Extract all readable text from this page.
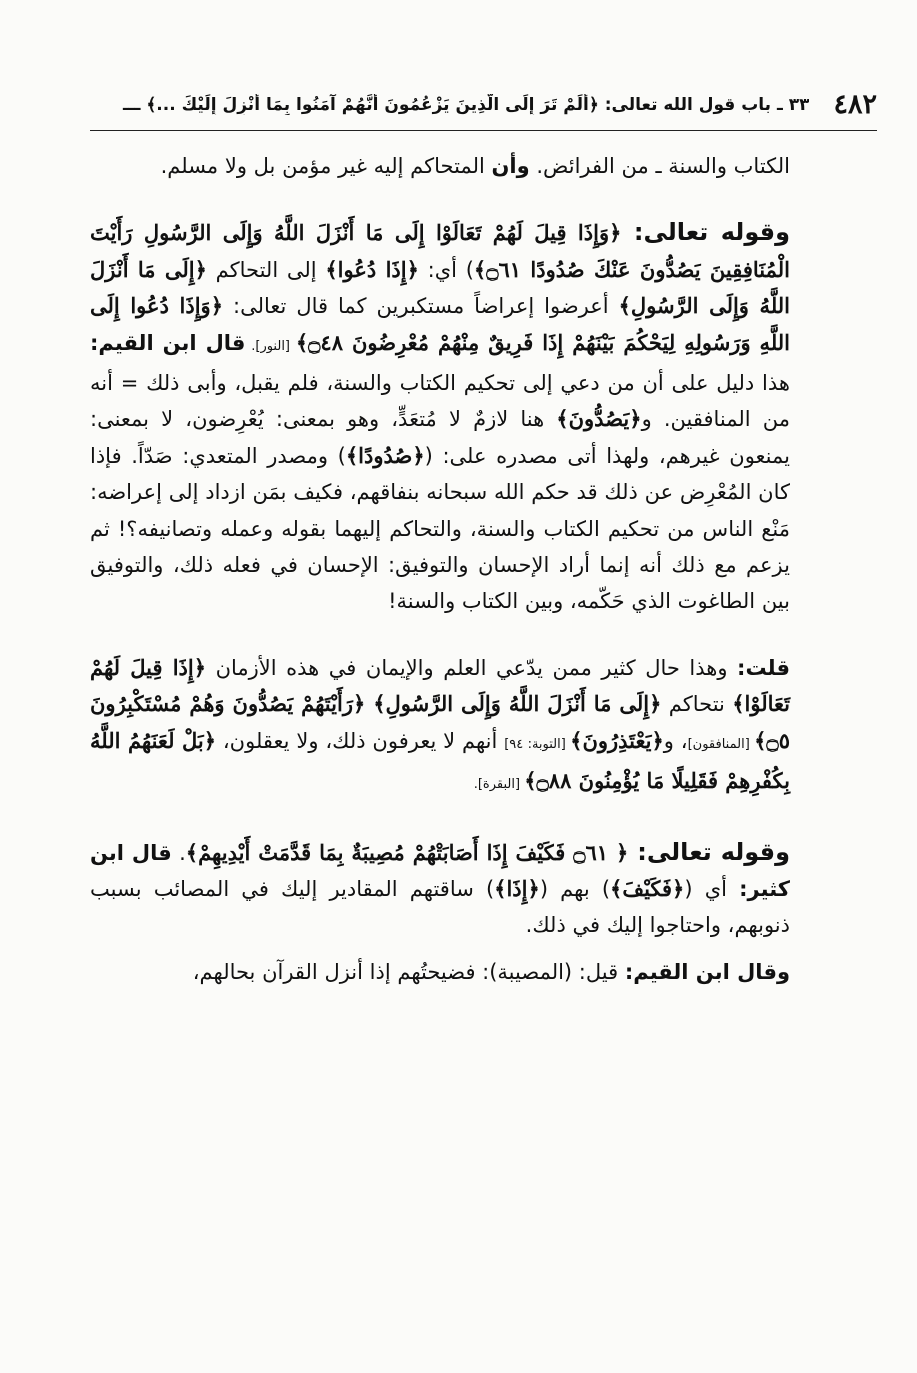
٤٨٢
٣٣ ـ باب قول الله تعالى: ﴿أَلَمْ تَرَ إِلَى الَّذِينَ يَزْعُمُونَ أَنَّهُمْ آمَنُوا بِمَا أُنْزِلَ إِلَيْكَ ...﴾ ـــ

الكتاب والسنة ـ من الفرائض. وأن المتحاكم إليه غير مؤمن بل ولا مسلم.

وقوله تعالى: ﴿وَإِذَا قِيلَ لَهُمْ تَعَالَوْا إِلَى مَا أَنْزَلَ اللَّهُ وَإِلَى الرَّسُولِ رَأَيْتَ الْمُنَافِقِينَ يَصُدُّونَ عَنْكَ صُدُودًا ۝٦١﴾) أي: ﴿إِذَا دُعُوا﴾ إلى التحاكم ﴿إِلَى مَا أَنْزَلَ اللَّهُ وَإِلَى الرَّسُولِ﴾ أعرضوا إعراضاً مستكبرين كما قال تعالى: ﴿وَإِذَا دُعُوا إِلَى اللَّهِ وَرَسُولِهِ لِيَحْكُمَ بَيْنَهُمْ إِذَا فَرِيقٌ مِنْهُمْ مُعْرِضُونَ ۝٤٨﴾ [النور]. قال ابن القيم: هذا دليل على أن من دعي إلى تحكيم الكتاب والسنة، فلم يقبل، وأبى ذلك = أنه من المنافقين. و﴿يَصُدُّونَ﴾ هنا لازمٌ لا مُتعَدٍّ، وهو بمعنى: يُعْرِضون، لا بمعنى: يمنعون غيرهم، ولهذا أتى مصدره على: (﴿صُدُودًا﴾) ومصدر المتعدي: صَدّاً. فإذا كان المُعْرِض عن ذلك قد حكم الله سبحانه بنفاقهم، فكيف بمَن ازداد إلى إعراضه: مَنْع الناس من تحكيم الكتاب والسنة، والتحاكم إليهما بقوله وعمله وتصانيفه؟! ثم يزعم مع ذلك أنه إنما أراد الإحسان والتوفيق: الإحسان في فعله ذلك، والتوفيق بين الطاغوت الذي حَكّمه، وبين الكتاب والسنة!

قلت: وهذا حال كثير ممن يدّعي العلم والإيمان في هذه الأزمان ﴿إِذَا قِيلَ لَهُمْ تَعَالَوْا﴾ نتحاكم ﴿إِلَى مَا أَنْزَلَ اللَّهُ وَإِلَى الرَّسُولِ﴾ ﴿رَأَيْتَهُمْ يَصُدُّونَ وَهُمْ مُسْتَكْبِرُونَ ۝٥﴾ [المنافقون]، و﴿يَعْتَذِرُونَ﴾ [التوبة: ٩٤] أنهم لا يعرفون ذلك، ولا يعقلون، ﴿بَلْ لَعَنَهُمُ اللَّهُ بِكُفْرِهِمْ فَقَلِيلًا مَا يُؤْمِنُونَ ۝٨٨﴾ [البقرة].

وقوله تعالى: ﴿ ۝٦١ فَكَيْفَ إِذَا أَصَابَتْهُمْ مُصِيبَةٌ بِمَا قَدَّمَتْ أَيْدِيهِمْ﴾. قال ابن كثير: أي (﴿فَكَيْفَ﴾) بهم (﴿إِذَا﴾) ساقتهم المقادير إليك في المصائب بسبب ذنوبهم، واحتاجوا إليك في ذلك.

وقال ابن القيم: قيل: (المصيبة): فضيحتُهم إذا أنزل القرآن بحالهم،
